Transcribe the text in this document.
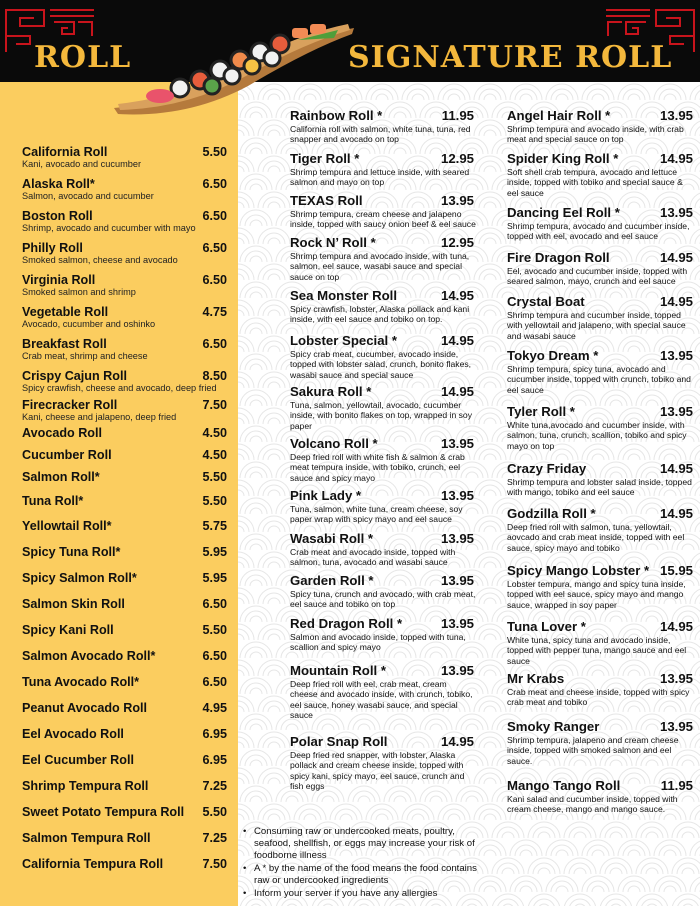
ROLL	SIGNATURE ROLL
California Roll	5.50
Kani, avocado and cucumber
Alaska Roll*	6.50
Salmon, avocado and cucumber
Boston Roll	6.50
Shrimp, avocado and cucumber with mayo
Philly Roll	6.50
Smoked salmon, cheese and avocado
Virginia Roll	6.50
Smoked salmon and shrimp
Vegetable Roll	4.75
Avocado, cucumber and oshinko
Breakfast Roll	6.50
Crab meat, shrimp and cheese
Crispy Cajun Roll	8.50
Spicy crawfish, cheese and avocado, deep fried
Firecracker Roll	7.50
Kani, cheese and jalapeno, deep fried
Avocado Roll	4.50
Cucumber Roll	4.50
Salmon Roll*	5.50
Tuna Roll*	5.50
Yellowtail Roll*	5.75
Spicy Tuna Roll*	5.95
Spicy Salmon Roll*	5.95
Salmon Skin Roll	6.50
Spicy Kani Roll	5.50
Salmon Avocado Roll*	6.50
Tuna Avocado Roll*	6.50
Peanut Avocado Roll	4.95
Eel Avocado Roll	6.95
Eel Cucumber Roll	6.95
Shrimp Tempura Roll	7.25
Sweet Potato Tempura Roll	5.50
Salmon Tempura Roll	7.25
California Tempura Roll	7.50
Rainbow Roll *	11.95
California roll with salmon, white tuna, tuna, red snapper and avocado on top
Tiger Roll *	12.95
Shrimp tempura and lettuce inside, with seared salmon and mayo on top
TEXAS Roll	13.95
Shrimp tempura, cream cheese and jalapeno inside, topped with saucy onion beef & eel sauce
Rock N’ Roll *	12.95
Shrimp tempura and avocado inside, with tuna, salmon, eel sauce, wasabi sauce and special sauce on top
Sea Monster Roll	14.95
Spicy crawfish, lobster, Alaska pollack and kani inside, with eel sauce and tobiko on top.
Lobster Special *	14.95
Spicy crab meat, cucumber, avocado inside, topped with lobster salad, crunch, bonito flakes, wasabi sauce and special sauce
Sakura Roll *	14.95
Tuna, salmon, yellowtail, avocado, cucumber inside, with bonito flakes on top, wrapped in soy paper
Volcano Roll *	13.95
Deep fried roll with white fish & salmon & crab meat tempura inside, with tobiko, crunch, eel sauce and spicy mayo
Pink Lady *	13.95
Tuna, salmon, white tuna, cream cheese, soy paper wrap with spicy mayo and eel sauce
Wasabi Roll *	13.95
Crab meat and avocado inside, topped with salmon, tuna, avocado and wasabi sauce
Garden Roll *	13.95
Spicy tuna, crunch and avocado, with crab meat, eel sauce and tobiko on top
Red Dragon Roll *	13.95
Salmon and avocado inside, topped with tuna, scallion and spicy mayo
Mountain Roll *	13.95
Deep fried roll with eel, crab meat, cream cheese and avocado inside, with crunch, tobiko, eel sauce, honey wasabi sauce, and special sauce
Polar Snap Roll	14.95
Deep fried red snapper, with lobster, Alaska pollack and cream cheese inside, topped with spicy kani, spicy mayo, eel sauce, crunch and fish eggs
Angel Hair Roll *	13.95
Shrimp tempura and avocado inside, with crab meat and special sauce on top
Spider King Roll *	14.95
Soft shell crab tempura, avocado and lettuce inside, topped with tobiko and special sauce & eel sauce
Dancing Eel Roll *	13.95
Shrimp tempura, avocado and cucumber inside, topped with eel, avocado and eel sauce
Fire Dragon Roll	14.95
Eel, avocado and cucumber inside, topped with seared salmon, mayo, crunch and eel sauce
Crystal Boat	14.95
Shrimp tempura and cucumber inside, topped with yellowtail and jalapeno, with special sauce and wasabi sauce
Tokyo Dream *	13.95
Shrimp tempura, spicy tuna, avocado and cucumber inside, topped with crunch, tobiko and eel sauce
Tyler Roll *	13.95
White tuna,avocado and cucumber inside, with salmon, tuna, crunch, scallion, tobiko and spicy mayo on top
Crazy Friday	14.95
Shrimp tempura and lobster salad inside, topped with mango, tobiko and eel sauce
Godzilla Roll *	14.95
Deep fried roll with salmon, tuna, yellowtail, aovcado and crab meat inside, topped with eel sauce, spicy mayo and tobiko
Spicy Mango Lobster * 15.95
Lobster tempura, mango and spicy tuna inside, topped with eel sauce, spicy mayo and mango sauce, wrapped in soy paper
Tuna Lover *	14.95
White tuna, spicy tuna and avocado inside, topped with pepper tuna, mango sauce and eel sauce
Mr Krabs	13.95
Crab meat and cheese inside, topped with spicy crab meat and tobiko
Smoky Ranger	13.95
Shrimp tempura, jalapeno and cream cheese inside, topped with smoked salmon and eel sauce.
Mango Tango Roll	11.95
Kani salad and cucumber inside, topped with cream cheese, mango and mango sauce.
• Consuming raw or undercooked meats, poultry, seafood, shellfish, or eggs may increase your risk of foodborne illness
• A * by the name of the food means the food contains raw or undercooked ingredients
• Inform your server if you have any allergies
